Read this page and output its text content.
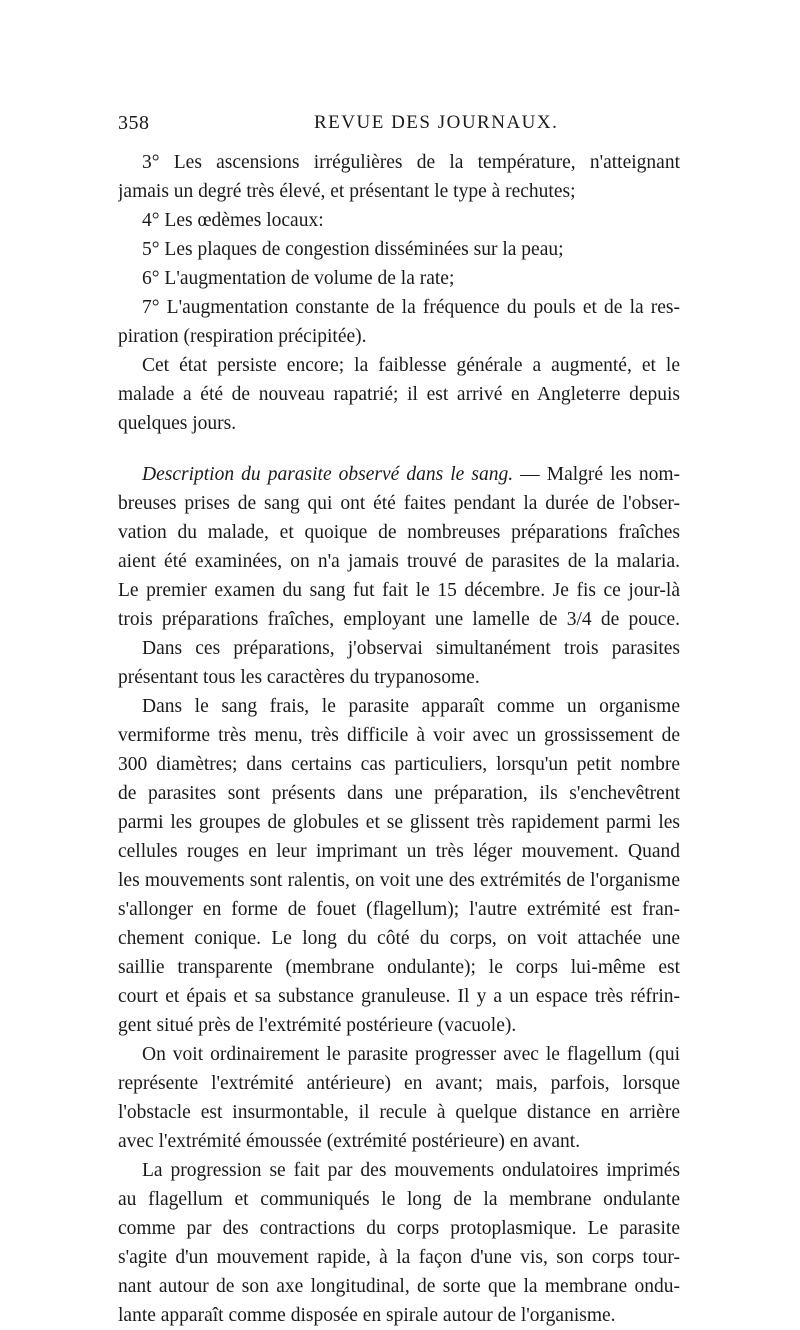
358	REVUE DES JOURNAUX.
3° Les ascensions irrégulières de la température, n'atteignant
jamais un degré très élevé, et présentant le type à rechutes;
4° Les œdèmes locaux:
5° Les plaques de congestion disséminées sur la peau;
6° L'augmentation de volume de la rate;
7° L'augmentation constante de la fréquence du pouls et de la res-
piration (respiration précipitée).
Cet état persiste encore; la faiblesse générale a augmenté, et le
malade a été de nouveau rapatrié; il est arrivé en Angleterre depuis
quelques jours.
Description du parasite observé dans le sang. — Malgré les nom-
breuses prises de sang qui ont été faites pendant la durée de l'obser-
vation du malade, et quoique de nombreuses préparations fraîches
aient été examinées, on n'a jamais trouvé de parasites de la malaria.
Le premier examen du sang fut fait le 15 décembre. Je fis ce jour-là
trois préparations fraîches, employant une lamelle de 3/4 de pouce.
Dans ces préparations, j'observai simultanément trois parasites
présentant tous les caractères du trypanosome.
Dans le sang frais, le parasite apparaît comme un organisme
vermiforme très menu, très difficile à voir avec un grossissement de
300 diamètres; dans certains cas particuliers, lorsqu'un petit nombre
de parasites sont présents dans une préparation, ils s'enchevêtrent
parmi les groupes de globules et se glissent très rapidement parmi les
cellules rouges en leur imprimant un très léger mouvement. Quand
les mouvements sont ralentis, on voit une des extrémités de l'organisme
s'allonger en forme de fouet (flagellum); l'autre extrémité est fran-
chement conique. Le long du côté du corps, on voit attachée une
saillie transparente (membrane ondulante); le corps lui-même est
court et épais et sa substance granuleuse. Il y a un espace très réfrin-
gent situé près de l'extrémité postérieure (vacuole).
On voit ordinairement le parasite progresser avec le flagellum (qui
représente l'extrémité antérieure) en avant; mais, parfois, lorsque
l'obstacle est insurmontable, il recule à quelque distance en arrière
avec l'extrémité émoussée (extrémité postérieure) en avant.
La progression se fait par des mouvements ondulatoires imprimés
au flagellum et communiqués le long de la membrane ondulante
comme par des contractions du corps protoplasmique. Le parasite
s'agite d'un mouvement rapide, à la façon d'une vis, son corps tour-
nant autour de son axe longitudinal, de sorte que la membrane ondu-
lante apparaît comme disposée en spirale autour de l'organisme.
